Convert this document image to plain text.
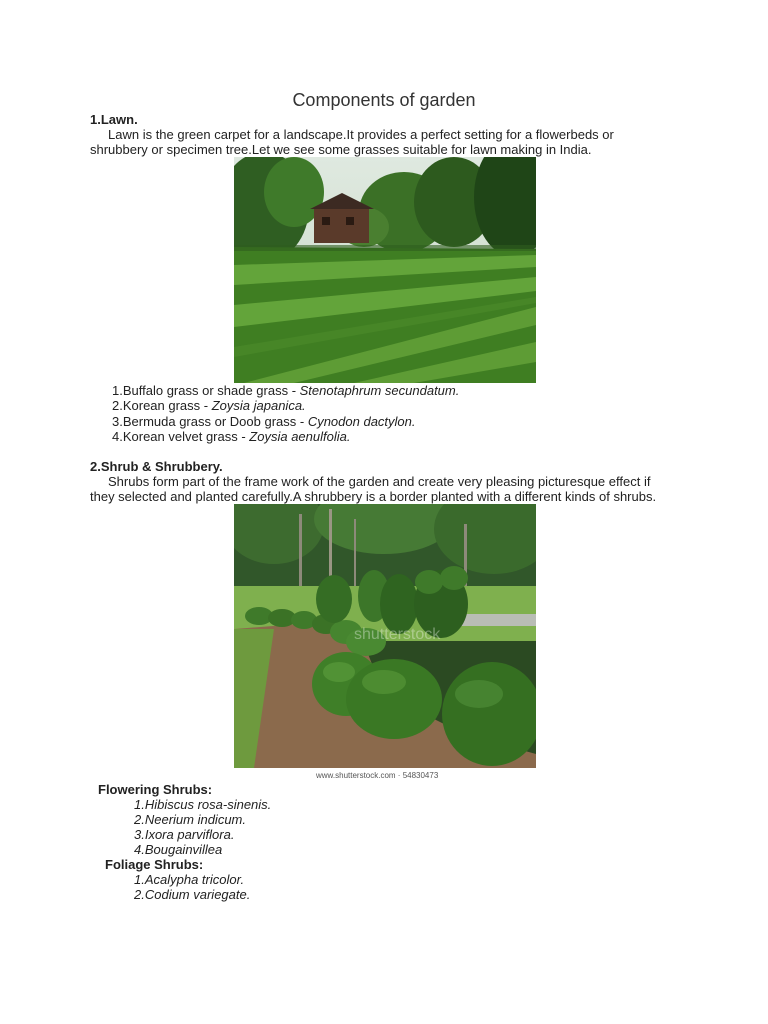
Components of garden
1.Lawn.
Lawn is the green carpet for a landscape.It provides a perfect setting for a flowerbeds or
shrubbery or specimen tree.Let we see some grasses suitable for lawn making in India.
1.Buffalo grass or shade grass - Stenotaphrum secundatum.
2.Korean grass - Zoysia japanica.
3.Bermuda grass or Doob grass - Cynodon dactylon.
4.Korean velvet grass - Zoysia aenulfolia.
2.Shrub & Shrubbery.
Shrubs form part of the frame work of the garden and create very pleasing picturesque effect if
they selected and planted carefully.A shrubbery is a border planted with a different kinds of shrubs.
shutterstock
www.shutterstock.com · 54830473
Flowering Shrubs:
1.Hibiscus rosa-sinenis.
2.Neerium indicum.
3.Ixora parviflora.
4.Bougainvillea
Foliage Shrubs:
1.Acalypha tricolor.
2.Codium variegate.
